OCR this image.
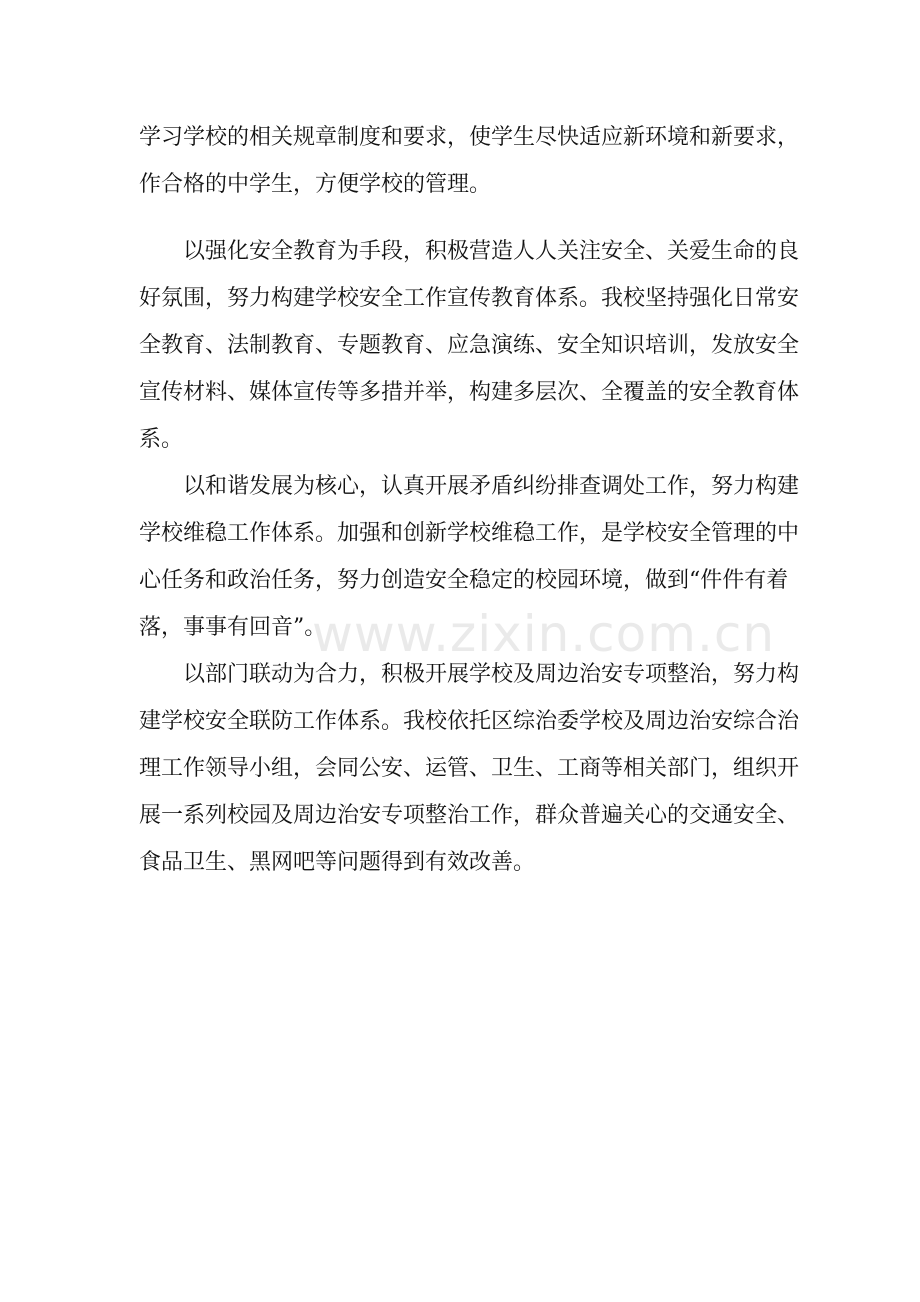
学习学校的相关规章制度和要求，使学生尽快适应新环境和新要求，
作合格的中学生，方便学校的管理。
以强化安全教育为手段，积极营造人人关注安全、关爱生命的良
好氛围，努力构建学校安全工作宣传教育体系。我校坚持强化日常安
全教育、法制教育、专题教育、应急演练、安全知识培训，发放安全
宣传材料、媒体宣传等多措并举，构建多层次、全覆盖的安全教育体
系。
以和谐发展为核心，认真开展矛盾纠纷排查调处工作，努力构建
学校维稳工作体系。加强和创新学校维稳工作，是学校安全管理的中
心任务和政治任务，努力创造安全稳定的校园环境，做到“件件有着
落，事事有回音”。
以部门联动为合力，积极开展学校及周边治安专项整治，努力构
建学校安全联防工作体系。我校依托区综治委学校及周边治安综合治
理工作领导小组，会同公安、运管、卫生、工商等相关部门，组织开
展一系列校园及周边治安专项整治工作，群众普遍关心的交通安全、
食品卫生、黑网吧等问题得到有效改善。
www.zixin.com.cn
